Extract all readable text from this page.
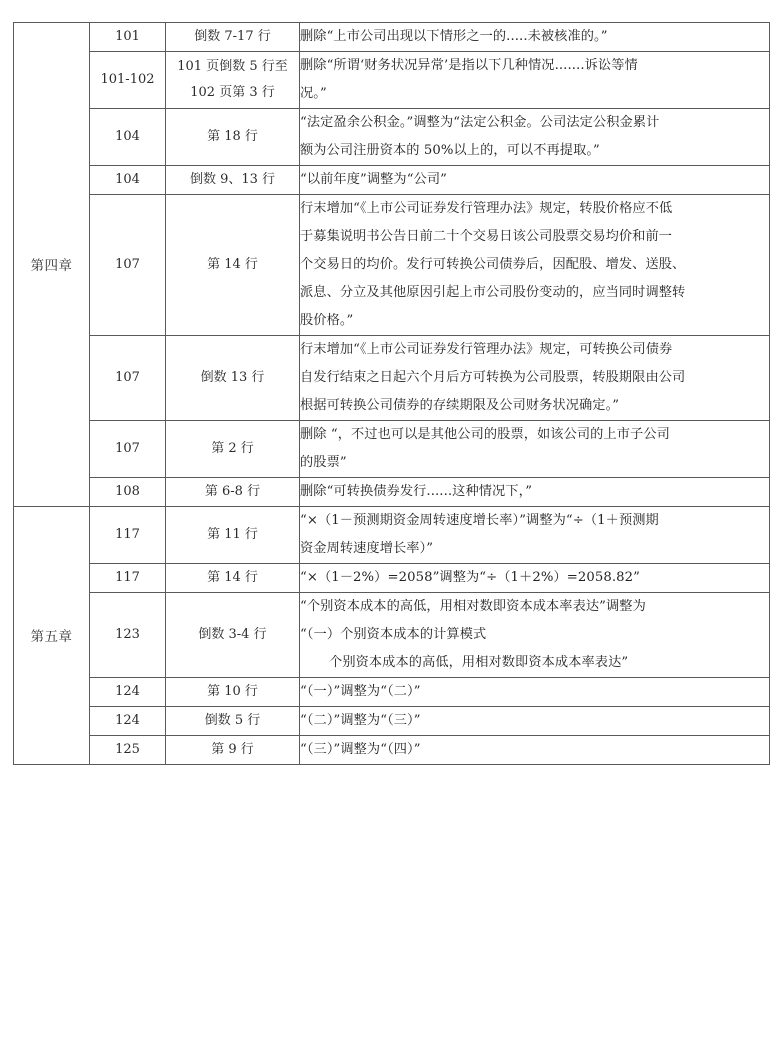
第四章	101	倒数 7-17 行	删除“上市公司出现以下情形之一的.....未被核准的。”

	101-102	101 页倒数 5 行至
102 页第 3 行	删除“所谓‘财务状况异常’是指以下几种情况.......诉讼等情
况。”

	104	第 18 行	“法定盈余公积金。”调整为“法定公积金。公司法定公积金累计
额为公司注册资本的 50%以上的，可以不再提取。”

	104	倒数 9、13 行	“以前年度”调整为“公司”

	107	第 14 行	行末增加“《上市公司证券发行管理办法》规定，转股价格应不低
于募集说明书公告日前二十个交易日该公司股票交易均价和前一
个交易日的均价。发行可转换公司债券后，因配股、增发、送股、
派息、分立及其他原因引起上市公司股份变动的，应当同时调整转
股价格。”

	107	倒数 13 行	行末增加“《上市公司证券发行管理办法》规定，可转换公司债券
自发行结束之日起六个月后方可转换为公司股票，转股期限由公司
根据可转换公司债券的存续期限及公司财务状况确定。”

	107	第 2 行	删除 “，不过也可以是其他公司的股票，如该公司的上市子公司
的股票”

	108	第 6-8 行	删除“可转换债券发行......这种情况下，”

第五章	117	第 11 行	“×（1－预测期资金周转速度增长率）”调整为“÷（1＋预测期
资金周转速度增长率）”

	117	第 14 行	“×（1－2%）=2058”调整为“÷（1＋2%）=2058.82”

	123	倒数 3-4 行	“个别资本成本的高低，用相对数即资本成本率表达”调整为
“（一）个别资本成本的计算模式
个别资本成本的高低，用相对数即资本成本率表达”

	124	第 10 行	“（一）”调整为“（二）”

	124	倒数 5 行	“（二）”调整为“（三）”

	125	第 9 行	“（三）”调整为“（四）”
